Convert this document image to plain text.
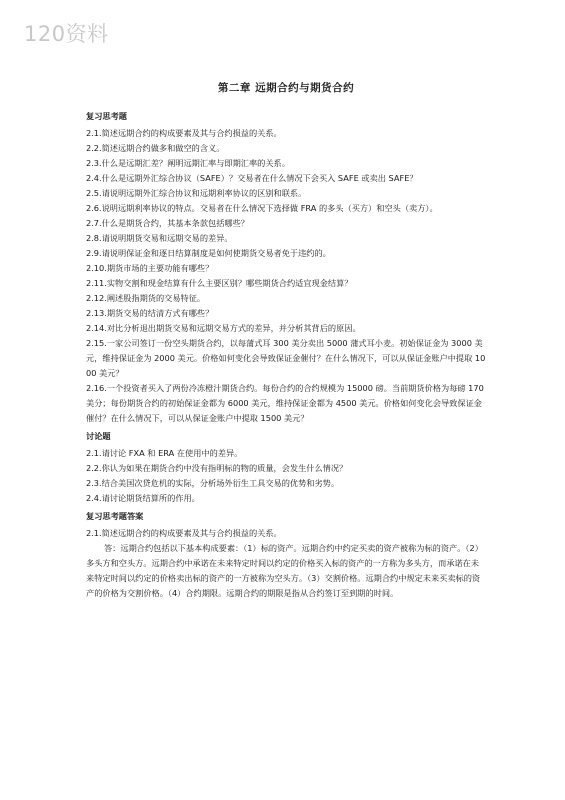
120资料
第二章 远期合约与期货合约
复习思考题

2.1.简述远期合约的构成要素及其与合约损益的关系。

2.2.简述远期合约做多和做空的含义。

2.3.什么是远期汇差？阐明远期汇率与即期汇率的关系。

2.4.什么是远期外汇综合协议（SAFE）？交易者在什么情况下会买入 SAFE 或卖出 SAFE？

2.5.请说明远期外汇综合协议和远期利率协议的区别和联系。

2.6.说明远期利率协议的特点。交易者在什么情况下选择做 FRA 的多头（买方）和空头（卖方）。

2.7.什么是期货合约，其基本条款包括哪些？

2.8.请说明期货交易和远期交易的差异。

2.9.请说明保证金和逐日结算制度是如何使期货交易者免于违约的。

2.10.期货市场的主要功能有哪些？

2.11.实物交割和现金结算有什么主要区别？哪些期货合约适宜现金结算？

2.12.阐述股指期货的交易特征。

2.13.期货交易的结清方式有哪些？

2.14.对比分析退出期货交易和远期交易方式的差异，并分析其背后的原因。

2.15.一家公司签订一份空头期货合约，以每蒲式耳 300 美分卖出 5000 蒲式耳小麦。初始保证金为 3000 美元，维持保证金为 2000 美元。价格如何变化会导致保证金催付？在什么情况下，可以从保证金账户中提取 1000 美元？

2.16.一个投资者买入了两份冷冻橙汁期货合约。每份合约的合约规模为 15000 磅。当前期货价格为每磅 170 美分；每份期货合约的初始保证金都为 6000 美元，维持保证金都为 4500 美元。价格如何变化会导致保证金催付？在什么情况下，可以从保证金账户中提取 1500 美元？

讨论题

2.1.请讨论 FXA 和 ERA 在使用中的差异。

2.2.你认为如果在期货合约中没有指明标的物的质量，会发生什么情况？

2.3.结合美国次贷危机的实际，分析场外衍生工具交易的优势和劣势。

2.4.请讨论期货结算所的作用。

复习思考题答案

2.1.简述远期合约的构成要素及其与合约损益的关系。

答：远期合约包括以下基本构成要素：（1）标的资产。远期合约中约定买卖的资产被称为标的资产。（2）多头方和空头方。远期合约中承诺在未来特定时间以约定的价格买入标的资产的一方称为多头方，而承诺在未来特定时间以约定的价格卖出标的资产的一方被称为空头方。（3）交割价格。远期合约中规定未来买卖标的资产的价格为交割价格。（4）合约期限。远期合约的期限是指从合约签订至到期的时间。
